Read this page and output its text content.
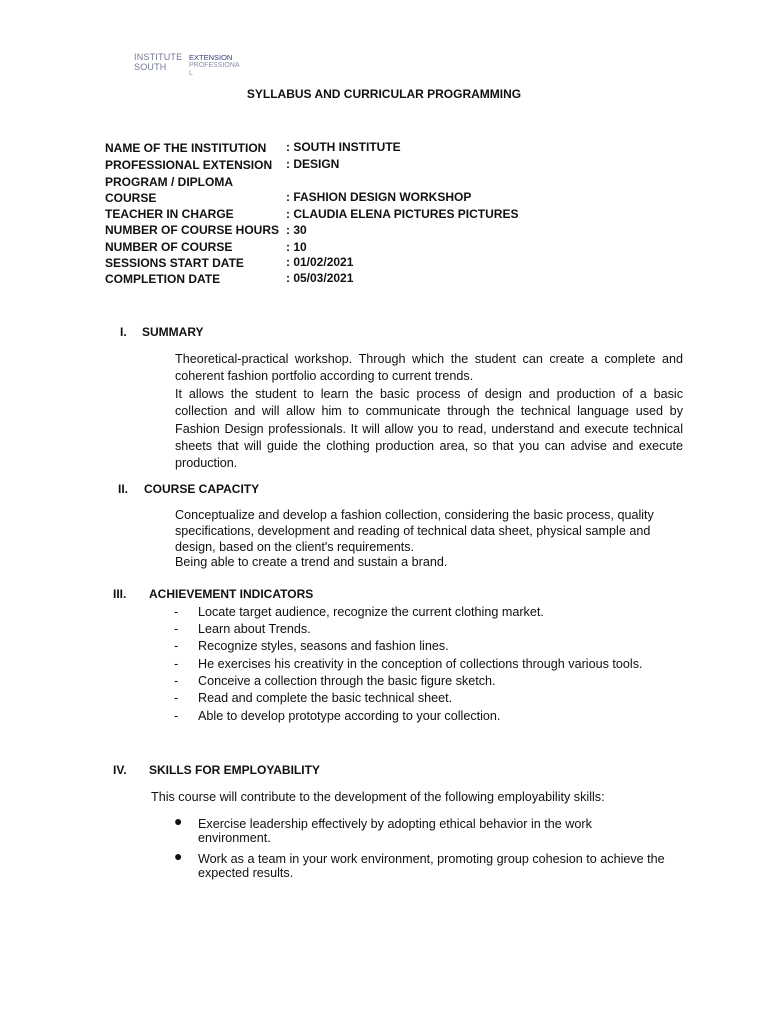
INSTITUTE
SOUTH
EXTENSION
PROFESSIONAL
SYLLABUS AND CURRICULAR PROGRAMMING
NAME OF THE INSTITUTION : SOUTH INSTITUTE
PROFESSIONAL EXTENSION : DESIGN
PROGRAM / DIPLOMA
COURSE	: FASHION DESIGN WORKSHOP
TEACHER IN CHARGE	: CLAUDIA ELENA PICTURES PICTURES
NUMBER OF COURSE HOURS : 30
NUMBER OF COURSE	: 10
SESSIONS START DATE	: 01/02/2021
COMPLETION DATE	: 05/03/2021
I. SUMMARY
Theoretical-practical workshop. Through which the student can create a complete and coherent fashion portfolio according to current trends.
It allows the student to learn the basic process of design and production of a basic collection and will allow him to communicate through the technical language used by Fashion Design professionals. It will allow you to read, understand and execute technical sheets that will guide the clothing production area, so that you can advise and execute production.
II. COURSE CAPACITY
Conceptualize and develop a fashion collection, considering the basic process, quality specifications, development and reading of technical data sheet, physical sample and design, based on the client's requirements.
Being able to create a trend and sustain a brand.
III. ACHIEVEMENT INDICATORS
- Locate target audience, recognize the current clothing market.
- Learn about Trends.
- Recognize styles, seasons and fashion lines.
- He exercises his creativity in the conception of collections through various tools.
- Conceive a collection through the basic figure sketch.
- Read and complete the basic technical sheet.
- Able to develop prototype according to your collection.
IV. SKILLS FOR EMPLOYABILITY
This course will contribute to the development of the following employability skills:
● Exercise leadership effectively by adopting ethical behavior in the work environment.
● Work as a team in your work environment, promoting group cohesion to achieve the expected results.
